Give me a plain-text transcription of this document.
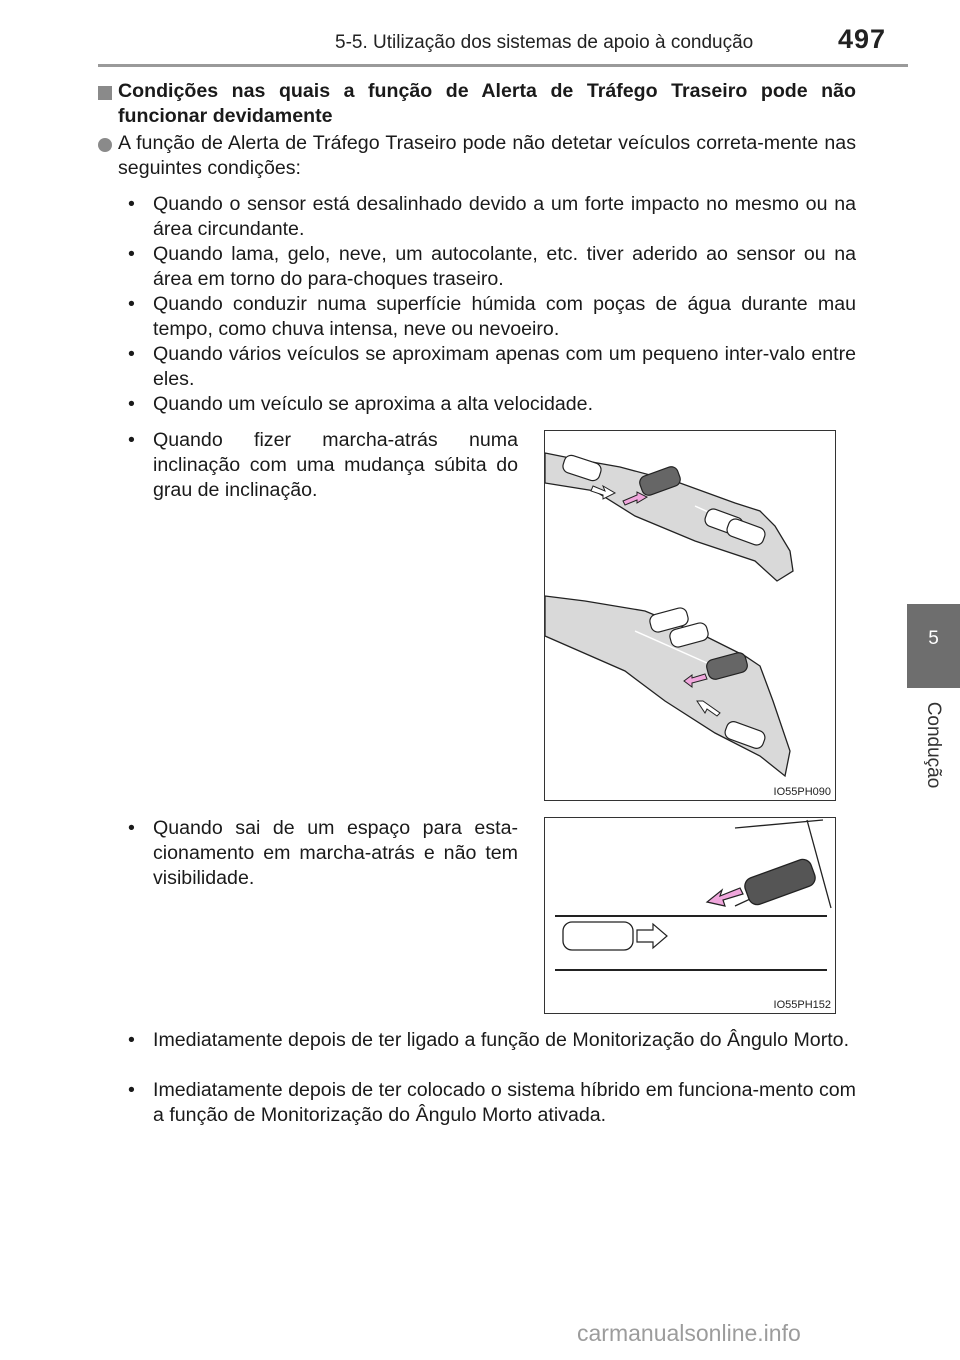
5-5. Utilização dos sistemas de apoio à condução	497
5
Condução

Condições nas quais a função de Alerta de Tráfego Traseiro pode não funcionar devidamente

A função de Alerta de Tráfego Traseiro pode não detetar veículos correta-mente nas seguintes condições:

• Quando o sensor está desalinhado devido a um forte impacto no mesmo ou na área circundante.

• Quando lama, gelo, neve, um autocolante, etc. tiver aderido ao sensor ou na área em torno do para-choques traseiro.

• Quando conduzir numa superfície húmida com poças de água durante mau tempo, como chuva intensa, neve ou nevoeiro.

• Quando vários veículos se aproximam apenas com um pequeno inter-valo entre eles.

• Quando um veículo se aproxima a alta velocidade.

• Quando fizer marcha-atrás numa inclinação com uma mudança súbita do grau de inclinação.

IO55PH090
• Quando sai de um espaço para esta-cionamento em marcha-atrás e não tem visibilidade.

IO55PH152
• Imediatamente depois de ter ligado a função de Monitorização do Ângulo Morto.

• Imediatamente depois de ter colocado o sistema híbrido em funciona-mento com a função de Monitorização do Ângulo Morto ativada.

carmanualsonline.info
